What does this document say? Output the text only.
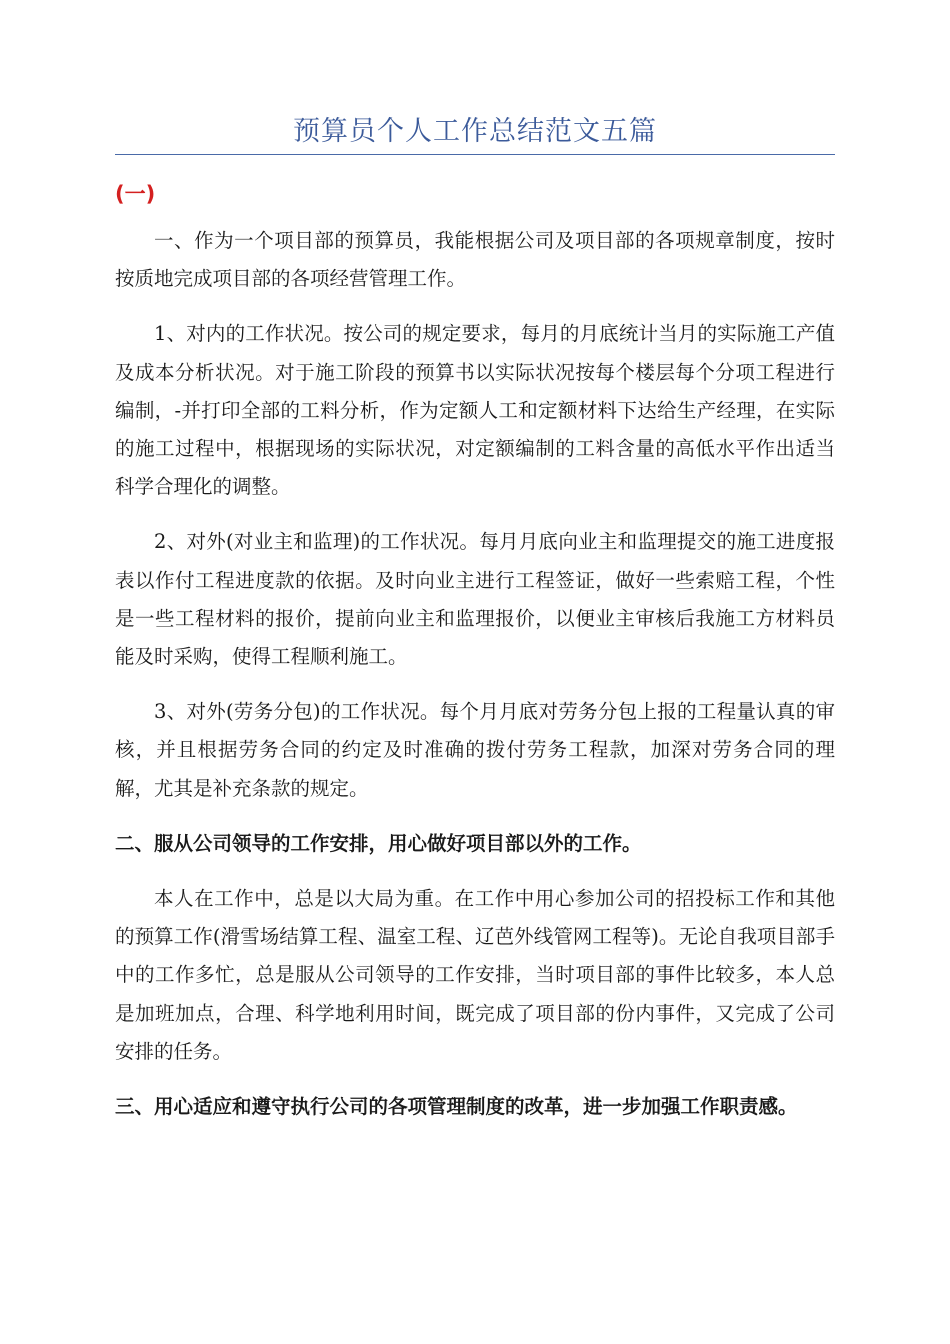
预算员个人工作总结范文五篇
(一)

一、作为一个项目部的预算员，我能根据公司及项目部的各项规章制度，按时按质地完成项目部的各项经营管理工作。

1、对内的工作状况。按公司的规定要求，每月的月底统计当月的实际施工产值及成本分析状况。对于施工阶段的预算书以实际状况按每个楼层每个分项工程进行编制，-并打印全部的工料分析，作为定额人工和定额材料下达给生产经理，在实际的施工过程中，根据现场的实际状况，对定额编制的工料含量的高低水平作出适当科学合理化的调整。

2、对外(对业主和监理)的工作状况。每月月底向业主和监理提交的施工进度报表以作付工程进度款的依据。及时向业主进行工程签证，做好一些索赔工程，个性是一些工程材料的报价，提前向业主和监理报价，以便业主审核后我施工方材料员能及时采购，使得工程顺利施工。

3、对外(劳务分包)的工作状况。每个月月底对劳务分包上报的工程量认真的审核，并且根据劳务合同的约定及时准确的拨付劳务工程款，加深对劳务合同的理解，尤其是补充条款的规定。

二、服从公司领导的工作安排，用心做好项目部以外的工作。

本人在工作中，总是以大局为重。在工作中用心参加公司的招投标工作和其他的预算工作(滑雪场结算工程、温室工程、辽芭外线管网工程等)。无论自我项目部手中的工作多忙，总是服从公司领导的工作安排，当时项目部的事件比较多，本人总是加班加点，合理、科学地利用时间，既完成了项目部的份内事件，又完成了公司安排的任务。

三、用心适应和遵守执行公司的各项管理制度的改革，进一步加强工作职责感。
